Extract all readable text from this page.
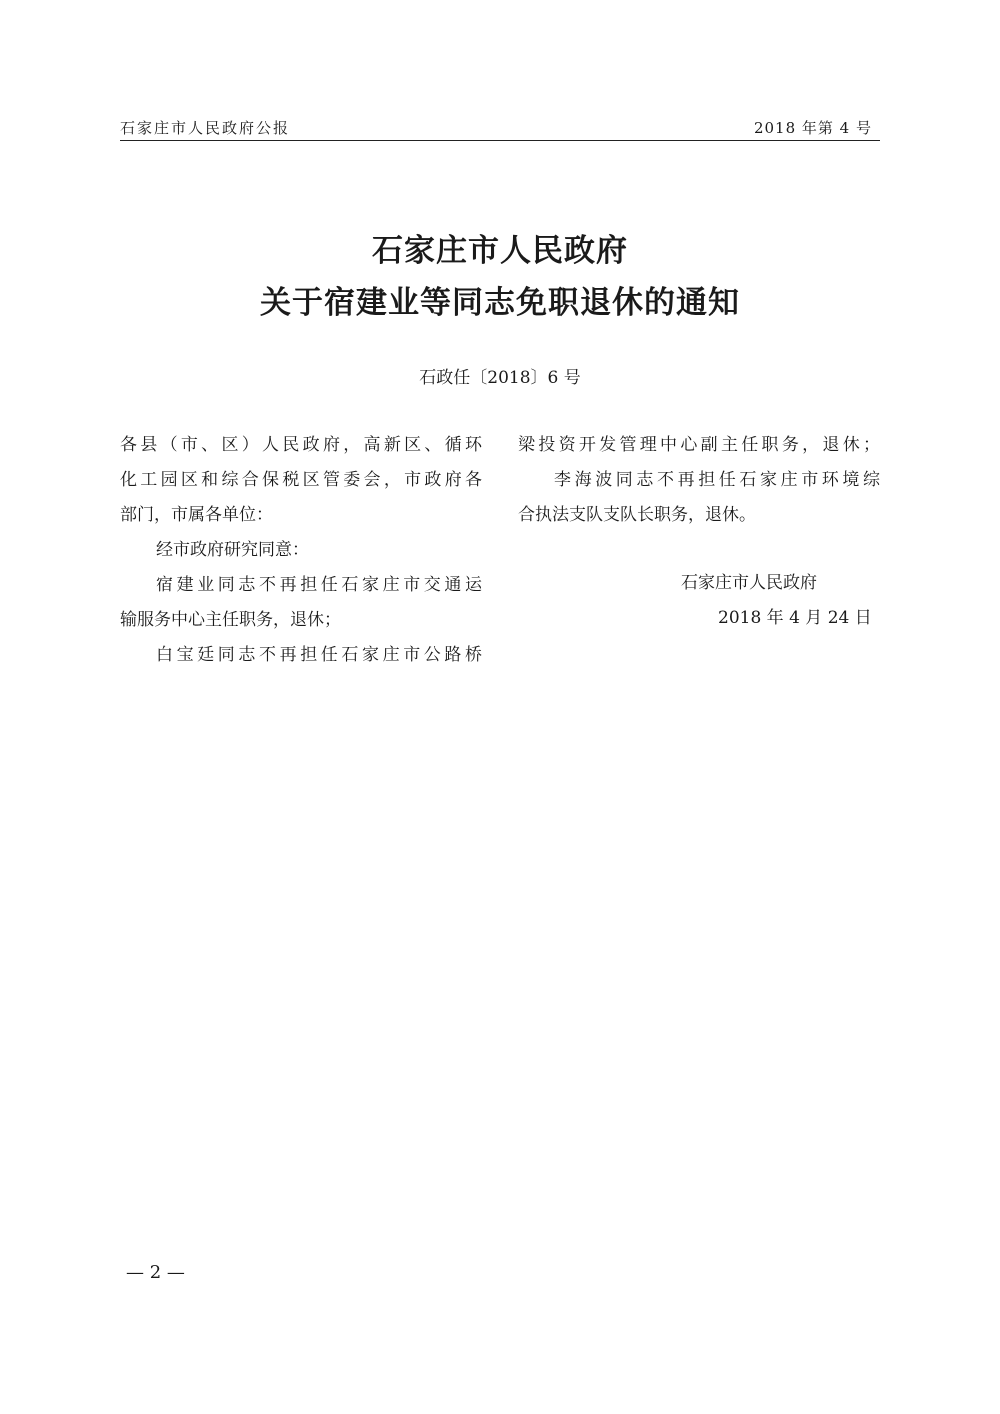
石家庄市人民政府公报	2018 年第 4 号
石家庄市人民政府
关于宿建业等同志免职退休的通知
石政任〔2018〕6 号
各县（市、区）人民政府，高新区、循环
化工园区和综合保税区管委会，市政府各
部门，市属各单位：
经市政府研究同意：
宿建业同志不再担任石家庄市交通运
输服务中心主任职务，退休；
白宝廷同志不再担任石家庄市公路桥
梁投资开发管理中心副主任职务，退休；
李海波同志不再担任石家庄市环境综
合执法支队支队长职务，退休。
石家庄市人民政府
2018 年 4 月 24 日
— 2 —
